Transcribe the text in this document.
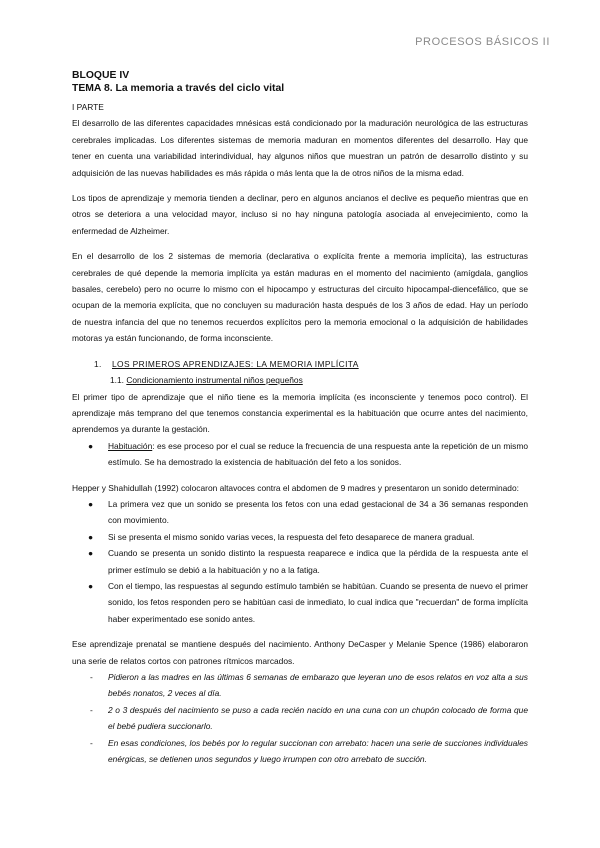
PROCESOS BÁSICOS II
BLOQUE IV
TEMA 8. La memoria a través del ciclo vital
I PARTE

El desarrollo de las diferentes capacidades mnésicas está condicionado por la maduración neurológica de las estructuras cerebrales implicadas. Los diferentes sistemas de memoria maduran en momentos diferentes del desarrollo. Hay que tener en cuenta una variabilidad interindividual, hay algunos niños que muestran un patrón de desarrollo distinto y su adquisición de las nuevas habilidades es más rápida o más lenta que la de otros niños de la misma edad.

Los tipos de aprendizaje y memoria tienden a declinar, pero en algunos ancianos el declive es pequeño mientras que en otros se deteriora a una velocidad mayor, incluso si no hay ninguna patología asociada al envejecimiento, como la enfermedad de Alzheimer.

En el desarrollo de los 2 sistemas de memoria (declarativa o explícita frente a memoria implícita), las estructuras cerebrales de qué depende la memoria implícita ya están maduras en el momento del nacimiento (amígdala, ganglios basales, cerebelo) pero no ocurre lo mismo con el hipocampo y estructuras del circuito hipocampal-diencefálico, que se ocupan de la memoria explícita, que no concluyen su maduración hasta después de los 3 años de edad. Hay un período de nuestra infancia del que no tenemos recuerdos explícitos pero la memoria emocional o la adquisición de habilidades motoras ya están funcionando, de forma inconsciente.

1. LOS PRIMEROS APRENDIZAJES: LA MEMORIA IMPLÍCITA
1.1. Condicionamiento instrumental niños pequeños

El primer tipo de aprendizaje que el niño tiene es la memoria implícita (es inconsciente y tenemos poco control). El aprendizaje más temprano del que tenemos constancia experimental es la habituación que ocurre antes del nacimiento, aprendemos ya durante la gestación.

● Habituación: es ese proceso por el cual se reduce la frecuencia de una respuesta ante la repetición de un mismo estímulo. Se ha demostrado la existencia de habituación del feto a los sonidos.

Hepper y Shahidullah (1992) colocaron altavoces contra el abdomen de 9 madres y presentaron un sonido determinado:

● La primera vez que un sonido se presenta los fetos con una edad gestacional de 34 a 36 semanas responden con movimiento.
● Si se presenta el mismo sonido varias veces, la respuesta del feto desaparece de manera gradual.
● Cuando se presenta un sonido distinto la respuesta reaparece e indica que la pérdida de la respuesta ante el primer estímulo se debió a la habituación y no a la fatiga.
● Con el tiempo, las respuestas al segundo estímulo también se habitúan. Cuando se presenta de nuevo el primer sonido, los fetos responden pero se habitúan casi de inmediato, lo cual indica que "recuerdan" de forma implícita haber experimentado ese sonido antes.

Ese aprendizaje prenatal se mantiene después del nacimiento. Anthony DeCasper y Melanie Spence (1986) elaboraron una serie de relatos cortos con patrones rítmicos marcados.

- Pidieron a las madres en las últimas 6 semanas de embarazo que leyeran uno de esos relatos en voz alta a sus bebés nonatos, 2 veces al día.
- 2 o 3 después del nacimiento se puso a cada recién nacido en una cuna con un chupón colocado de forma que el bebé pudiera succionarlo.
- En esas condiciones, los bebés por lo regular succionan con arrebato: hacen una serie de succiones individuales enérgicas, se detienen unos segundos y luego irrumpen con otro arrebato de succión.
